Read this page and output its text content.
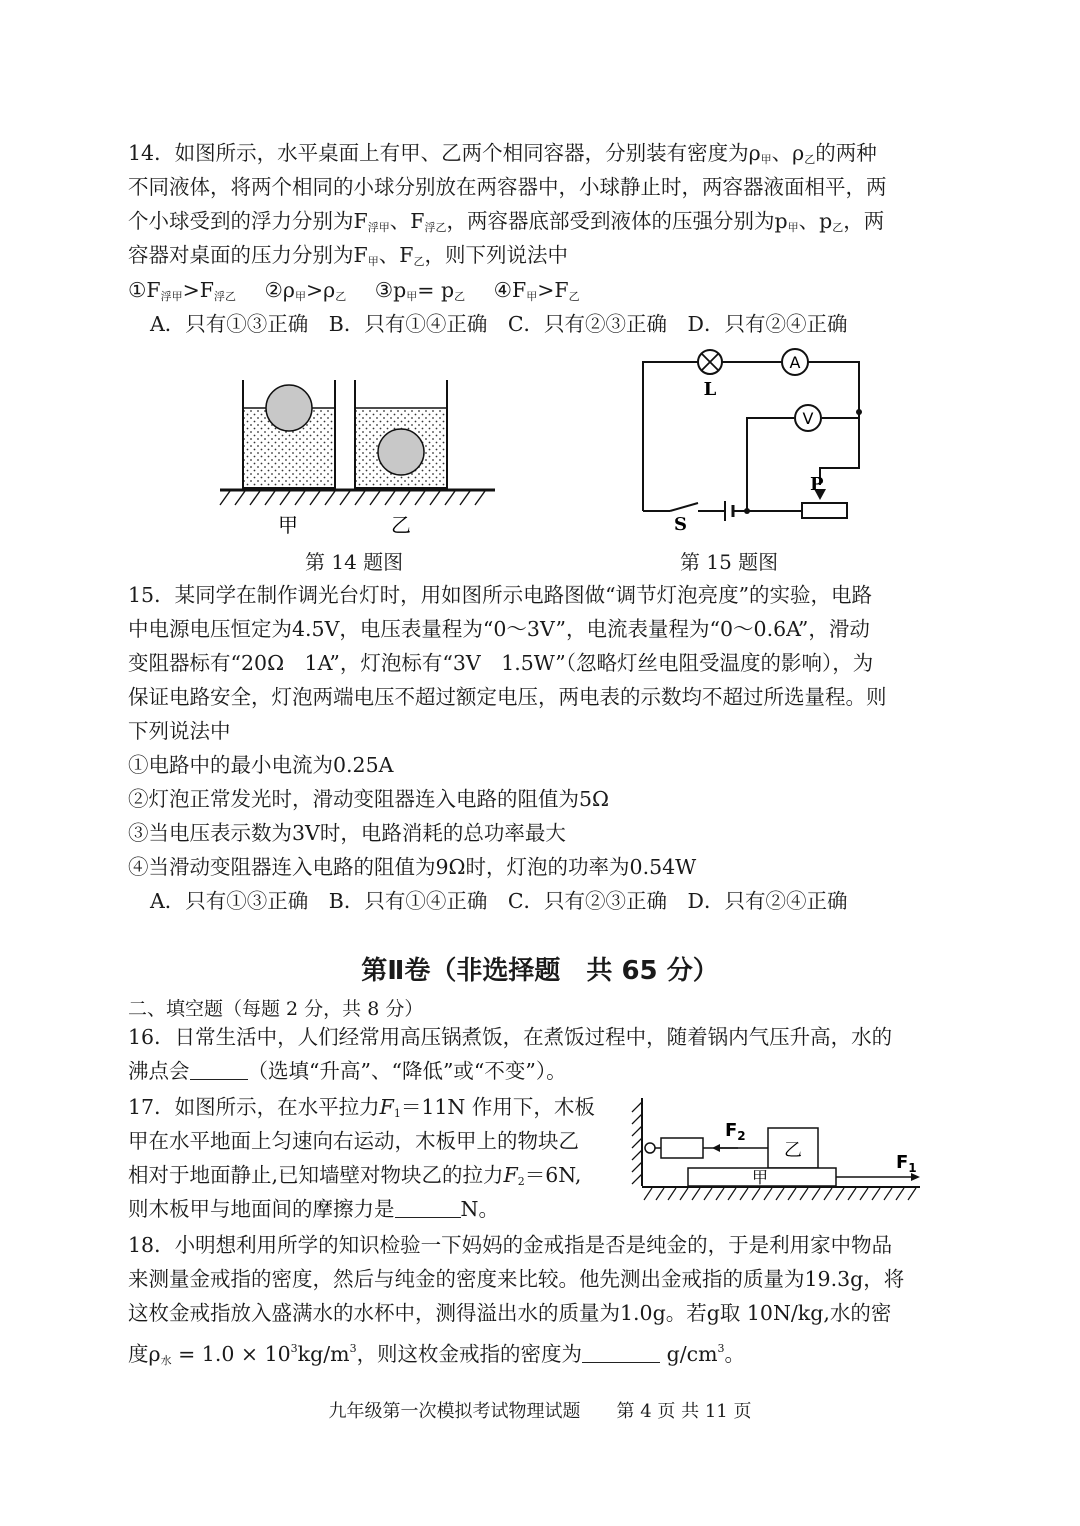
14．如图所示，水平桌面上有甲、乙两个相同容器，分别装有密度为$\rho_甲$、$\rho_乙$的两种
不同液体，将两个相同的小球分别放在两容器中，小球静止时，两容器液面相平，两
个小球受到的浮力分别为$F_{浮甲}$、$F_{浮乙}$，两容器底部受到液体的压强分别为$p_甲$、$p_乙$，两
容器对桌面的压力分别为$F_甲$、$F_乙$，则下列说法中
$①F_{浮甲}>F_{浮乙}$ $②\rho_甲>\rho_乙$ $③p_甲= p_乙$ $④F_甲>F_乙$
A．只有①③正确　B．只有①④正确　C．只有②③正确　D．只有②④正确
甲	乙
第 14 题图
A
V
L
P
S
第 15 题图
15．某同学在制作调光台灯时，用如图所示电路图做“调节灯泡亮度”的实验，电路
中电源电压恒定为4.5V，电压表量程为“0～3V”，电流表量程为“0～0.6A”，滑动
变阻器标有“20Ω　1A”，灯泡标有“3V　1.5W”（忽略灯丝电阻受温度的影响），为
保证电路安全，灯泡两端电压不超过额定电压，两电表的示数均不超过所选量程。则
下列说法中
①电路中的最小电流为0.25A
②灯泡正常发光时，滑动变阻器连入电路的阻值为5Ω
③当电压表示数为3V时，电路消耗的总功率最大
④当滑动变阻器连入电路的阻值为9Ω时，灯泡的功率为0.54W
A．只有①③正确　B．只有①④正确　C．只有②③正确　D．只有②④正确
第Ⅱ卷（非选择题　共 65 分）
二、填空题（每题 2 分，共 8 分）
16．日常生活中，人们经常用高压锅煮饭，在煮饭过程中，随着锅内气压升高，水的
沸点会	（选填“升高”、“降低”或“不变”）。
17．如图所示，在水平拉力$F_1=11N$ 作用下，木板
甲在水平地面上匀速向右运动，木板甲上的物块乙
相对于地面静止,已知墙壁对物块乙的拉力$F_2=6N$,
则木板甲与地面间的摩擦力是	N。
$F_2$
乙
甲
$F_1$
18．小明想利用所学的知识检验一下妈妈的金戒指是否是纯金的，于是利用家中物品
来测量金戒指的密度，然后与纯金的密度来比较。他先测出金戒指的质量为19.3g，将
这枚金戒指放入盛满水的水杯中，测得溢出水的质量为1.0g。若g取 10N/kg,水的密
度$\rho_水 = 1.0 \times 10^3kg/m^3$，则这枚金戒指的密度为	$g/cm^3$。
九年级第一次模拟考试物理试题　　第 4 页 共 11 页
